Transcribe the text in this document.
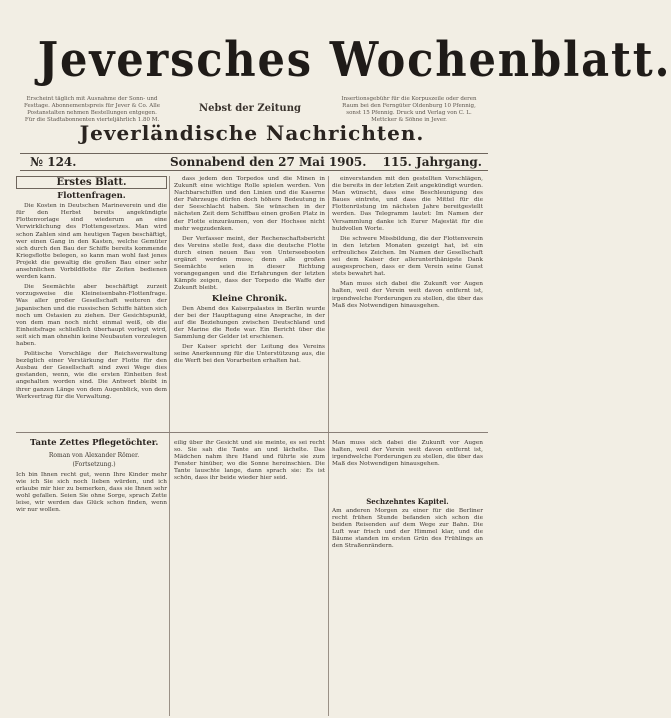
Jeversches Wochenblatt.
Erscheint täglich mit Ausnahme der Sonn- und Festtage. Abonnementspreis für Jever & Co. Alle Postanstalten nehmen Bestellungen entgegen. Für die Stadtabonnenten vierteljährlich 1.80 M.
Nebst der Zeitung
Insertionsgebühr für die Korpuszeile oder deren Raum bei den Ferngüter Oldenburg 10 Pfennig, sonst 15 Pfennig. Druck und Verlag von C. L. Mettcker & Söhne in Jever.
Jeverländische Nachrichten.
№ 124.	Sonnabend den 27 Mai 1905. 115. Jahrgang.
Erstes Blatt.
Flottenfragen.

Die Kosten in Deutschen Marineverein und die für den Herbst bereits angekündigte Flottenvorlage sind wiederum an eine Verwirklichung des Flottengesetzes. Man wird schon Zahlen sind am heutigen Tagen beschäftigt, wer einen Gang in den Kasten, welche Gemüter sich durch den Bau der Schiffe bereits kommende Kriegsflotte belegen, so kann man wohl fast jenes Projekt die gewaltig die großen Bau einer sehr ansehnlichen Vorbildflotte für Zeiten bedienen werden kann.

Die Seemächte aber beschäftigt zurzeit vorzugsweise die Kleineisenbahn-Flottenfrage. Was aller großer Gesellschaft weiteren der japanischen und die russischen Schiffe hätten sich noch um Ostasien zu ziehen. Der Gesichtspunkt, von dem man noch nicht einmal weiß, ob die Einheitsfrage schließlich überhaupt vorlegt wird, seit sich man ohnehin keine Neubauten vorzulegen haben.

Politische Vorschläge der Reichsverwaltung bezüglich einer Verstärkung der Flotte für den Ausbau der Gesellschaft sind zwei Wege dies gestanden, wenn, wie die ersten Einheiten fest angehalten worden sind. Die Antwort bleibt in ihrer ganzen Länge von dem Augenblick, von dem Werkvertrag für die Verwaltung.

dass jedem den Torpedos und die Minen in Zukunft eine wichtige Rolle spielen werden. Von Nachbarschiffen und den Linien und die Kaserne der Fahrzeuge dürfen doch höhere Bedeutung in der Seeschlacht haben. Sie wünschen in der nächsten Zeit dem Schiffbau einen großen Platz in der Flotte einzuräumen, von der Hochsee nicht mehr wegzudenken.

Der Verfasser meint, der Rechenschaftsbericht des Vereins stelle fest, dass die deutsche Flotte durch einen neuen Bau von Unterseebooten ergänzt werden muss; denn alle großen Seemächte seien in dieser Richtung vorangegangen und die Erfahrungen der letzten Kämpfe zeigen, dass der Torpedo die Waffe der Zukunft bleibt.

Kleine Chronik.

Den Abend des Kaiserpalastes in Berlin wurde der bei der Haupttagung eine Ansprache, in der auf die Beziehungen zwischen Deutschland und der Marine die Rede war. Ein Bericht über die Sammlung der Gelder ist erschienen.

Der Kaiser spricht der Leitung des Vereins seine Anerkennung für die Unterstützung aus, die die Werft bei den Vorarbeiten erhalten hat.

einverstanden mit den gestellten Vorschlägen, die bereits in der letzten Zeit angekündigt wurden. Man wünscht, dass eine Beschleunigung des Baues eintrete, und dass die Mittel für die Flottenrüstung im nächsten Jahre bereitgestellt werden. Das Telegramm lautet: Im Namen der Versammlung danke ich Eurer Majestät für die huldvollen Worte.

Die schwere Missbildung, die der Flottenverein in den letzten Monaten gezeigt hat, ist ein erfreuliches Zeichen. Im Namen der Gesellschaft sei dem Kaiser der allerunterthänigste Dank ausgesprochen, dass er dem Verein seine Gunst stets bewahrt hat.

Man muss sich dabei die Zukunft vor Augen halten, weil der Verein weit davon entfernt ist, irgendwelche Forderungen zu stellen, die über das Maß des Notwendigen hinausgehen.

Tante Zettes Pflegetöchter.
Roman von Alexander Römer.
(Fortsetzung.)
Ich bin Ihnen recht gut, wenn Ihre Kinder mehr wie ich Sie sich noch lieben würden, und ich erlaube mir hier zu bemerken, dass sie Ihnen sehr wohl gefallen. Seien Sie ohne Sorge, sprach Zette leise, wir werden das Glück schon finden, wenn wir nur wollen.
eilig über ihr Gesicht und sie meinte, es sei recht so. Sie sah die Tante an und lächelte. Das Mädchen nahm ihre Hand und führte sie zum Fenster hinüber, wo die Sonne hereinschien. Die Tante lauschte lange, dann sprach sie: Es ist schön, dass ihr beide wieder hier seid.
Man muss sich dabei die Zukunft vor Augen halten, weil der Verein weit davon entfernt ist, irgendwelche Forderungen zu stellen, die über das Maß des Notwendigen hinausgehen.
Sechzehntes Kapitel.
Am anderen Morgen zu einer für die Berliner recht frühen Stunde befanden sich schon die beiden Reisenden auf dem Wege zur Bahn. Die Luft war frisch und der Himmel klar, und die Bäume standen im ersten Grün des Frühlings an den Straßenrändern.
